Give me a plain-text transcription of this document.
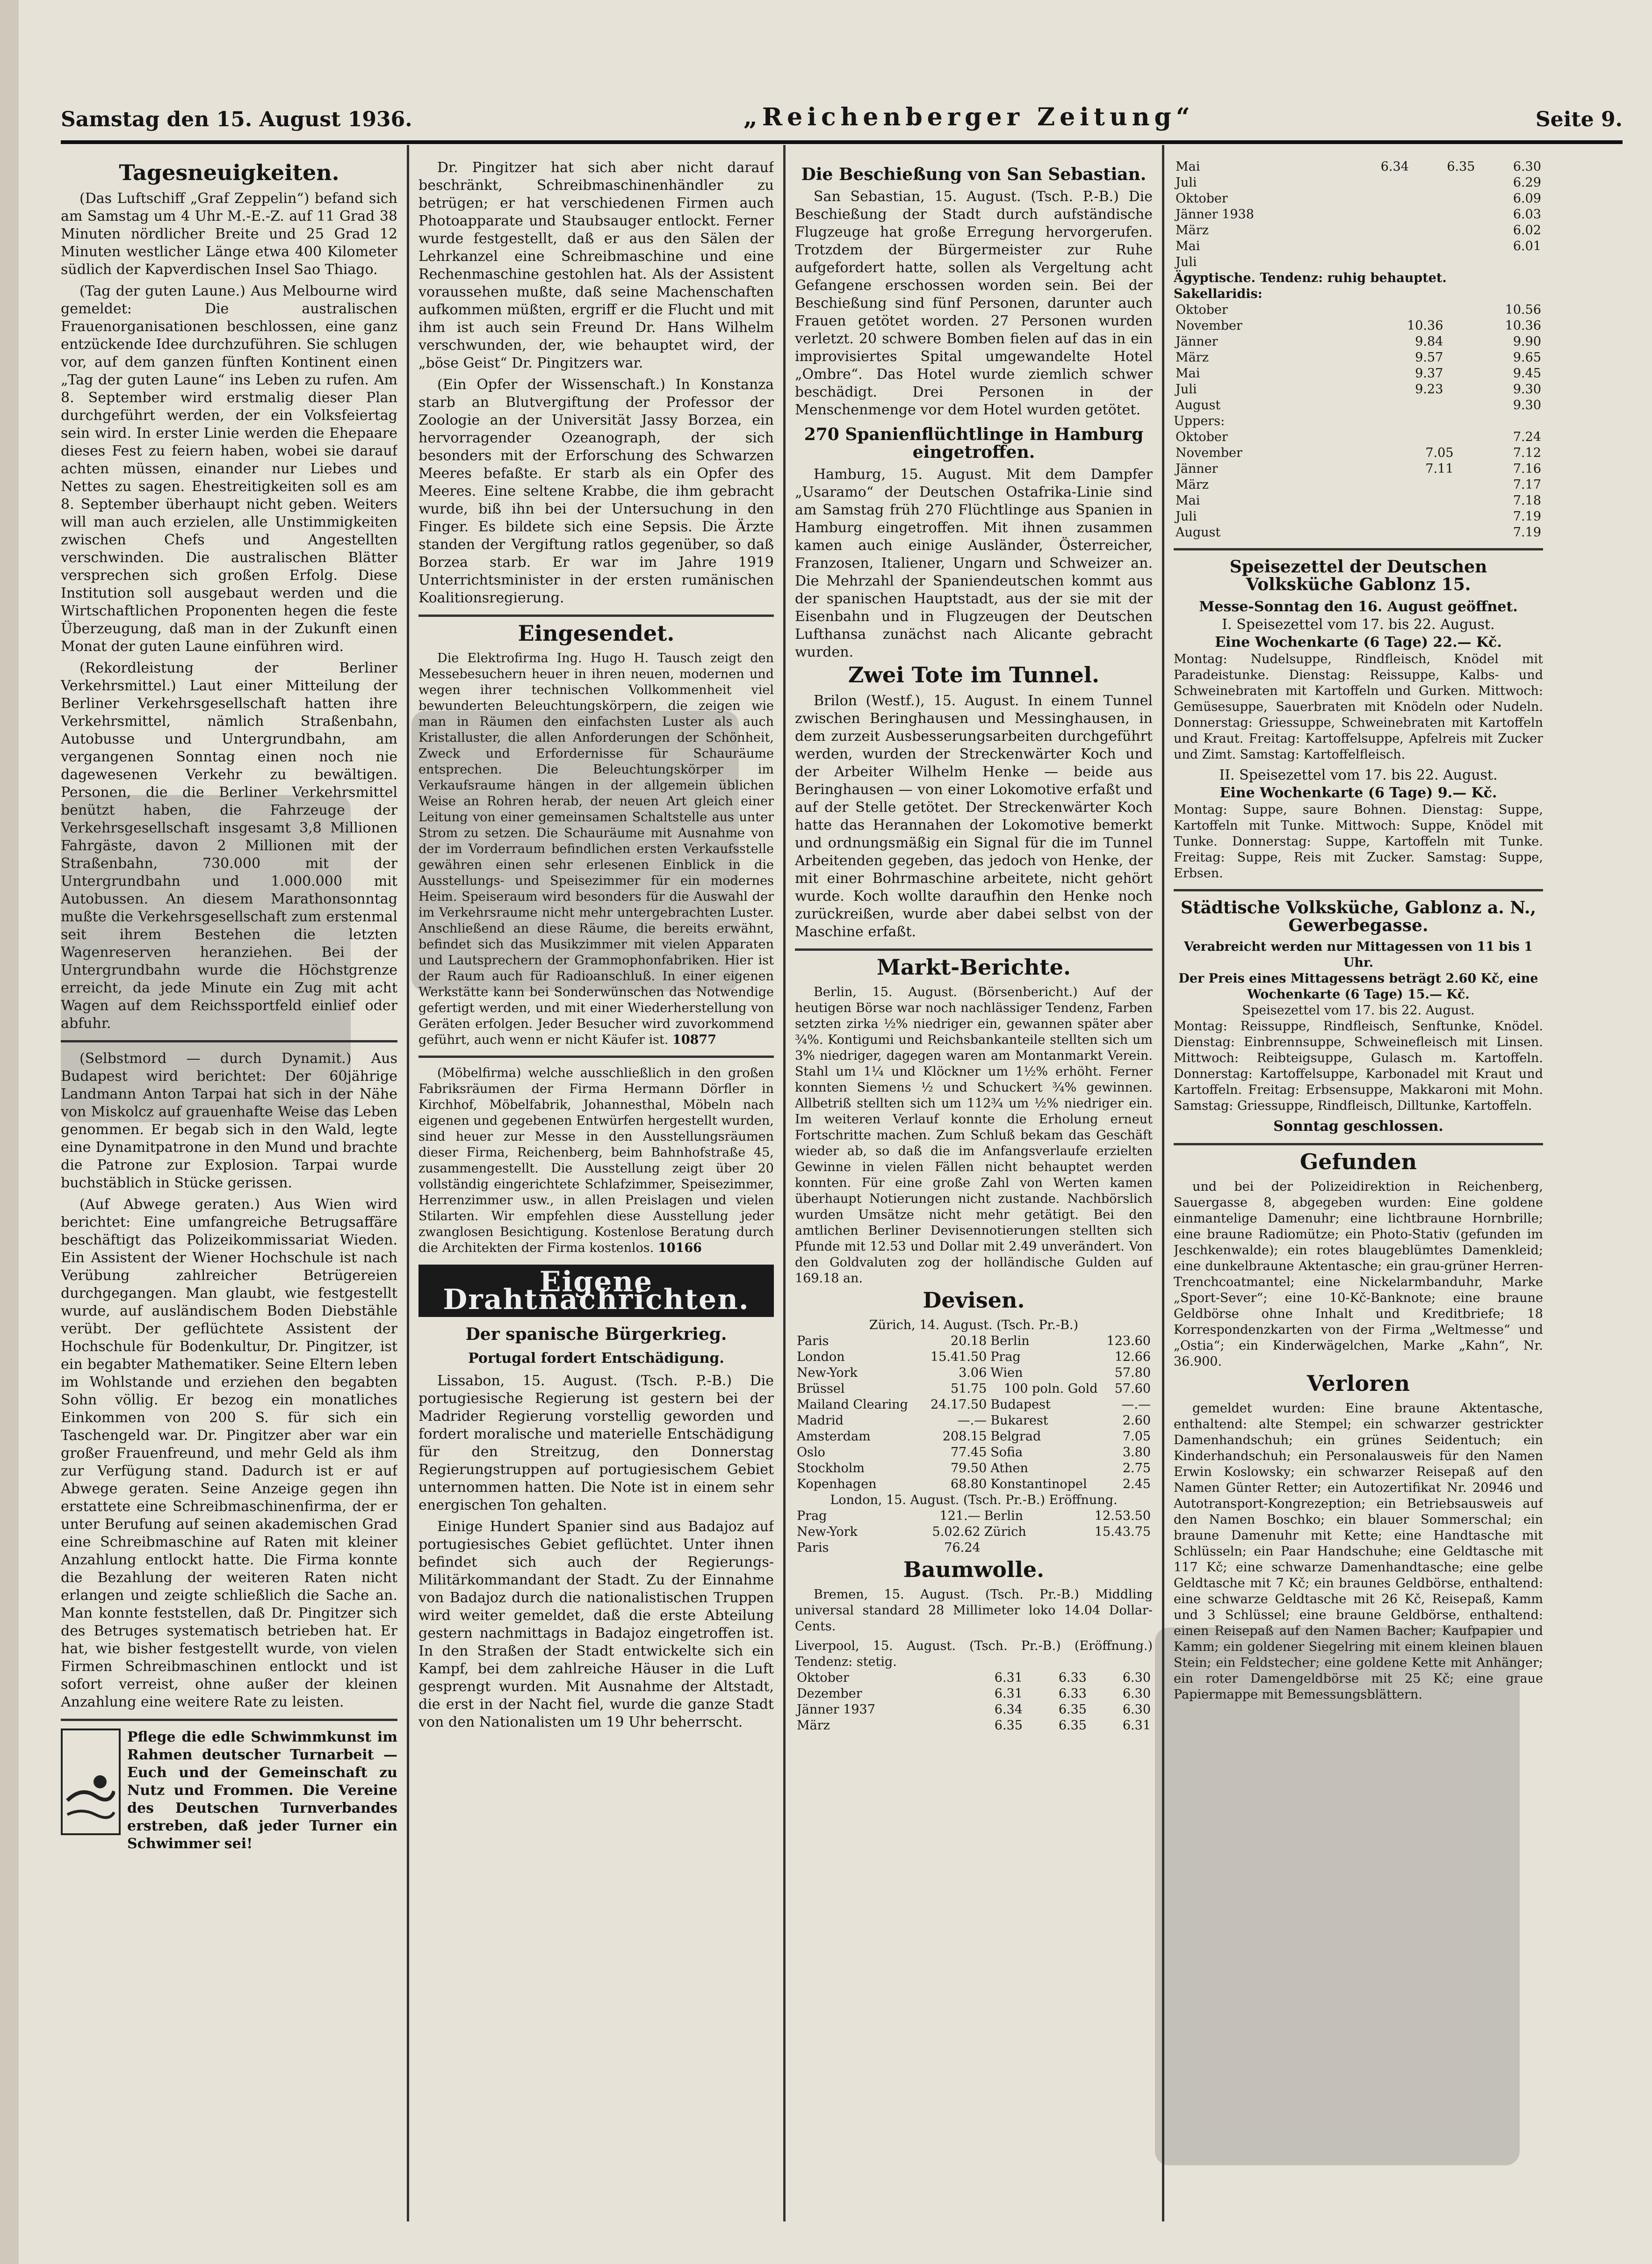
Samstag den 15. August 1936.	„Reichenberger Zeitung“	Seite 9.
Tagesneuigkeiten.

(Das Luftschiff „Graf Zeppelin“) befand sich am Samstag um 4 Uhr M.-E.-Z. auf 11 Grad 38 Minuten nördlicher Breite und 25 Grad 12 Minuten westlicher Länge etwa 400 Kilometer südlich der Kapverdischen Insel Sao Thiago.

(Tag der guten Laune.) Aus Melbourne wird gemeldet: Die australischen Frauenorganisationen beschlossen, eine ganz entzückende Idee durchzuführen. Sie schlugen vor, auf dem ganzen fünften Kontinent einen „Tag der guten Laune“ ins Leben zu rufen. Am 8. September wird erstmalig dieser Plan durchgeführt werden, der ein Volksfeiertag sein wird. In erster Linie werden die Ehepaare dieses Fest zu feiern haben, wobei sie darauf achten müssen, einander nur Liebes und Nettes zu sagen. Ehestreitigkeiten soll es am 8. September überhaupt nicht geben. Weiters will man auch erzielen, alle Unstimmigkeiten zwischen Chefs und Angestellten verschwinden. Die australischen Blätter versprechen sich großen Erfolg. Diese Institution soll ausgebaut werden und die Wirtschaftlichen Proponenten hegen die feste Überzeugung, daß man in der Zukunft einen Monat der guten Laune einführen wird.

(Rekordleistung der Berliner Verkehrsmittel.) Laut einer Mitteilung der Berliner Verkehrsgesellschaft hatten ihre Verkehrsmittel, nämlich Straßenbahn, Autobusse und Untergrundbahn, am vergangenen Sonntag einen noch nie dagewesenen Verkehr zu bewältigen. Personen, die die Berliner Verkehrsmittel benützt haben, die Fahrzeuge der Verkehrsgesellschaft insgesamt 3,8 Millionen Fahrgäste, davon 2 Millionen mit der Straßenbahn, 730.000 mit der Untergrundbahn und 1.000.000 mit Autobussen. An diesem Marathonsonntag mußte die Verkehrsgesellschaft zum erstenmal seit ihrem Bestehen die letzten Wagenreserven heranziehen. Bei der Untergrundbahn wurde die Höchstgrenze erreicht, da jede Minute ein Zug mit acht Wagen auf dem Reichssportfeld einlief oder abfuhr.

(Selbstmord — durch Dynamit.) Aus Budapest wird berichtet: Der 60jährige Landmann Anton Tarpai hat sich in der Nähe von Miskolcz auf grauenhafte Weise das Leben genommen. Er begab sich in den Wald, legte eine Dynamitpatrone in den Mund und brachte die Patrone zur Explosion. Tarpai wurde buchstäblich in Stücke gerissen.

(Auf Abwege geraten.) Aus Wien wird berichtet: Eine umfangreiche Betrugsaffäre beschäftigt das Polizeikommissariat Wieden. Ein Assistent der Wiener Hochschule ist nach Verübung zahlreicher Betrügereien durchgegangen. Man glaubt, wie festgestellt wurde, auf ausländischem Boden Diebstähle verübt. Der geflüchtete Assistent der Hochschule für Bodenkultur, Dr. Pingitzer, ist ein begabter Mathematiker. Seine Eltern leben im Wohlstande und erziehen den begabten Sohn völlig. Er bezog ein monatliches Einkommen von 200 S. für sich ein Taschengeld war. Dr. Pingitzer aber war ein großer Frauenfreund, und mehr Geld als ihm zur Verfügung stand. Dadurch ist er auf Abwege geraten. Seine Anzeige gegen ihn erstattete eine Schreibmaschinenfirma, der er unter Berufung auf seinen akademischen Grad eine Schreibmaschine auf Raten mit kleiner Anzahlung entlockt hatte. Die Firma konnte die Bezahlung der weiteren Raten nicht erlangen und zeigte schließlich die Sache an. Man konnte feststellen, daß Dr. Pingitzer sich des Betruges systematisch betrieben hat. Er hat, wie bisher festgestellt wurde, von vielen Firmen Schreibmaschinen entlockt und ist sofort verreist, ohne außer der kleinen Anzahlung eine weitere Rate zu leisten.

Pflege die edle Schwimmkunst im Rahmen deutscher Turnarbeit — Euch und der Gemeinschaft zu Nutz und Frommen. Die Vereine des Deutschen Turnverbandes erstreben, daß jeder Turner ein Schwimmer sei!

Dr. Pingitzer hat sich aber nicht darauf beschränkt, Schreibmaschinenhändler zu betrügen; er hat verschiedenen Firmen auch Photoapparate und Staubsauger entlockt. Ferner wurde festgestellt, daß er aus den Sälen der Lehrkanzel eine Schreibmaschine und eine Rechenmaschine gestohlen hat. Als der Assistent voraussehen mußte, daß seine Machenschaften aufkommen müßten, ergriff er die Flucht und mit ihm ist auch sein Freund Dr. Hans Wilhelm verschwunden, der, wie behauptet wird, der „böse Geist“ Dr. Pingitzers war.

(Ein Opfer der Wissenschaft.) In Konstanza starb an Blutvergiftung der Professor der Zoologie an der Universität Jassy Borzea, ein hervorragender Ozeanograph, der sich besonders mit der Erforschung des Schwarzen Meeres befaßte. Er starb als ein Opfer des Meeres. Eine seltene Krabbe, die ihm gebracht wurde, biß ihn bei der Untersuchung in den Finger. Es bildete sich eine Sepsis. Die Ärzte standen der Vergiftung ratlos gegenüber, so daß Borzea starb. Er war im Jahre 1919 Unterrichtsminister in der ersten rumänischen Koalitionsregierung.

Eingesendet.

Die Elektrofirma Ing. Hugo H. Tausch zeigt den Messebesuchern heuer in ihren neuen, modernen und wegen ihrer technischen Vollkommenheit viel bewunderten Beleuchtungskörpern, die zeigen wie man in Räumen den einfachsten Luster als auch Kristalluster, die allen Anforderungen der Schönheit, Zweck und Erfordernisse für Schauräume entsprechen. Die Beleuchtungskörper im Verkaufsraume hängen in der allgemein üblichen Weise an Rohren herab, der neuen Art gleich einer Leitung von einer gemeinsamen Schaltstelle aus unter Strom zu setzen. Die Schauräume mit Ausnahme von der im Vorderraum befindlichen ersten Verkaufsstelle gewähren einen sehr erlesenen Einblick in die Ausstellungs- und Speisezimmer für ein modernes Heim. Speiseraum wird besonders für die Auswahl der im Verkehrsraume nicht mehr untergebrachten Luster. Anschließend an diese Räume, die bereits erwähnt, befindet sich das Musikzimmer mit vielen Apparaten und Lautsprechern der Grammophonfabriken. Hier ist der Raum auch für Radioanschluß. In einer eigenen Werkstätte kann bei Sonderwünschen das Notwendige gefertigt werden, und mit einer Wiederherstellung von Geräten erfolgen. Jeder Besucher wird zuvorkommend geführt, auch wenn er nicht Käufer ist. 10877

(Möbelfirma) welche ausschließlich in den großen Fabriksräumen der Firma Hermann Dörfler in Kirchhof, Möbelfabrik, Johannesthal, Möbeln nach eigenen und gegebenen Entwürfen hergestellt wurden, sind heuer zur Messe in den Ausstellungsräumen dieser Firma, Reichenberg, beim Bahnhofstraße 45, zusammengestellt. Die Ausstellung zeigt über 20 vollständig eingerichtete Schlafzimmer, Speisezimmer, Herrenzimmer usw., in allen Preislagen und vielen Stilarten. Wir empfehlen diese Ausstellung jeder zwanglosen Besichtigung. Kostenlose Beratung durch die Architekten der Firma kostenlos. 10166

Eigene Drahtnachrichten.
Der spanische Bürgerkrieg.
Portugal fordert Entschädigung.

Lissabon, 15. August. (Tsch. P.-B.) Die portugiesische Regierung ist gestern bei der Madrider Regierung vorstellig geworden und fordert moralische und materielle Entschädigung für den Streitzug, den Donnerstag Regierungstruppen auf portugiesischem Gebiet unternommen hatten. Die Note ist in einem sehr energischen Ton gehalten.

Einige Hundert Spanier sind aus Badajoz auf portugiesisches Gebiet geflüchtet. Unter ihnen befindet sich auch der Regierungs-Militärkommandant der Stadt. Zu der Einnahme von Badajoz durch die nationalistischen Truppen wird weiter gemeldet, daß die erste Abteilung gestern nachmittags in Badajoz eingetroffen ist. In den Straßen der Stadt entwickelte sich ein Kampf, bei dem zahlreiche Häuser in die Luft gesprengt wurden. Mit Ausnahme der Altstadt, die erst in der Nacht fiel, wurde die ganze Stadt von den Nationalisten um 19 Uhr beherrscht.

Die Beschießung von San Sebastian.

San Sebastian, 15. August. (Tsch. P.-B.) Die Beschießung der Stadt durch aufständische Flugzeuge hat große Erregung hervorgerufen. Trotzdem der Bürgermeister zur Ruhe aufgefordert hatte, sollen als Vergeltung acht Gefangene erschossen worden sein. Bei der Beschießung sind fünf Personen, darunter auch Frauen getötet worden. 27 Personen wurden verletzt. 20 schwere Bomben fielen auf das in ein improvisiertes Spital umgewandelte Hotel „Ombre“. Das Hotel wurde ziemlich schwer beschädigt. Drei Personen in der Menschenmenge vor dem Hotel wurden getötet.

270 Spanienflüchtlinge in Hamburg eingetroffen.

Hamburg, 15. August. Mit dem Dampfer „Usaramo“ der Deutschen Ostafrika-Linie sind am Samstag früh 270 Flüchtlinge aus Spanien in Hamburg eingetroffen. Mit ihnen zusammen kamen auch einige Ausländer, Österreicher, Franzosen, Italiener, Ungarn und Schweizer an. Die Mehrzahl der Spaniendeutschen kommt aus der spanischen Hauptstadt, aus der sie mit der Eisenbahn und in Flugzeugen der Deutschen Lufthansa zunächst nach Alicante gebracht wurden.

Zwei Tote im Tunnel.

Brilon (Westf.), 15. August. In einem Tunnel zwischen Beringhausen und Messinghausen, in dem zurzeit Ausbesserungsarbeiten durchgeführt werden, wurden der Streckenwärter Koch und der Arbeiter Wilhelm Henke — beide aus Beringhausen — von einer Lokomotive erfaßt und auf der Stelle getötet. Der Streckenwärter Koch hatte das Herannahen der Lokomotive bemerkt und ordnungsmäßig ein Signal für die im Tunnel Arbeitenden gegeben, das jedoch von Henke, der mit einer Bohrmaschine arbeitete, nicht gehört wurde. Koch wollte daraufhin den Henke noch zurückreißen, wurde aber dabei selbst von der Maschine erfaßt.

Markt-Berichte.

Berlin, 15. August. (Börsenbericht.) Auf der heutigen Börse war noch nachlässiger Tendenz, Farben setzten zirka ½% niedriger ein, gewannen später aber ¾%. Kontigumi und Reichsbankanteile stellten sich um 3% niedriger, dagegen waren am Montanmarkt Verein. Stahl um 1¼ und Klöckner um 1½% erhöht. Ferner konnten Siemens ½ und Schuckert ¾% gewinnen. Allbetriß stellten sich um 112¾ um ½% niedriger ein. Im weiteren Verlauf konnte die Erholung erneut Fortschritte machen. Zum Schluß bekam das Geschäft wieder ab, so daß die im Anfangsverlaufe erzielten Gewinne in vielen Fällen nicht behauptet werden konnten. Für eine große Zahl von Werten kamen überhaupt Notierungen nicht zustande. Nachbörslich wurden Umsätze nicht mehr getätigt. Bei den amtlichen Berliner Devisennotierungen stellten sich Pfunde mit 12.53 und Dollar mit 2.49 unverändert. Von den Goldvaluten zog der holländische Gulden auf 169.18 an.

Devisen.
Zürich, 14. August. (Tsch. Pr.-B.)
Paris	20.18	Berlin	123.60
London	15.41.50	Prag	12.66
New-York	3.06	Wien	57.80
Brüssel	51.75	100 poln. Gold	57.60
Mailand Clearing	24.17.50	Budapest	—.—
Madrid	—.—	Bukarest	2.60
Amsterdam	208.15	Belgrad	7.05
Oslo	77.45	Sofia	3.80
Stockholm	79.50	Athen	2.75
Kopenhagen	68.80	Konstantinopel	2.45
London, 15. August. (Tsch. Pr.-B.) Eröffnung.
Prag	121.—	Berlin	12.53.50
New-York	5.02.62	Zürich	15.43.75
Paris	76.24		
Baumwolle.

Bremen, 15. August. (Tsch. Pr.-B.) Middling universal standard 28 Millimeter loko 14.04 Dollar-Cents.

Liverpool, 15. August. (Tsch. Pr.-B.) (Eröffnung.) Tendenz: stetig.
Oktober	6.31	6.33	6.30
Dezember	6.31	6.33	6.30
Jänner 1937	6.34	6.35	6.30
März	6.35	6.35	6.31
Mai	6.34	6.35	6.30
Juli			6.29
Oktober			6.09
Jänner 1938			6.03
März			6.02
Mai			6.01
Juli			
Ägyptische. Tendenz: ruhig behauptet.
Sakellaridis:
Oktober		10.56
November	10.36	10.36
Jänner	9.84	9.90
März	9.57	9.65
Mai	9.37	9.45
Juli	9.23	9.30
August		9.30
Uppers:
Oktober		7.24
November	7.05	7.12
Jänner	7.11	7.16
März		7.17
Mai		7.18
Juli		7.19
August		7.19
Speisezettel der Deutschen Volksküche Gablonz 15.
Messe-Sonntag den 16. August geöffnet.
I. Speisezettel vom 17. bis 22. August.
Eine Wochenkarte (6 Tage) 22.— Kč.

Montag: Nudelsuppe, Rindfleisch, Knödel mit Paradeistunke. Dienstag: Reissuppe, Kalbs- und Schweinebraten mit Kartoffeln und Gurken. Mittwoch: Gemüsesuppe, Sauerbraten mit Knödeln oder Nudeln. Donnerstag: Griessuppe, Schweinebraten mit Kartoffeln und Kraut. Freitag: Kartoffelsuppe, Apfelreis mit Zucker und Zimt. Samstag: Kartoffelfleisch.

II. Speisezettel vom 17. bis 22. August.
Eine Wochenkarte (6 Tage) 9.— Kč.

Montag: Suppe, saure Bohnen. Dienstag: Suppe, Kartoffeln mit Tunke. Mittwoch: Suppe, Knödel mit Tunke. Donnerstag: Suppe, Kartoffeln mit Tunke. Freitag: Suppe, Reis mit Zucker. Samstag: Suppe, Erbsen.

Städtische Volksküche, Gablonz a. N., Gewerbegasse.
Verabreicht werden nur Mittagessen von 11 bis 1 Uhr.
Der Preis eines Mittagessens beträgt 2.60 Kč, eine Wochenkarte (6 Tage) 15.— Kč.
Speisezettel vom 17. bis 22. August.

Montag: Reissuppe, Rindfleisch, Senftunke, Knödel. Dienstag: Einbrennsuppe, Schweinefleisch mit Linsen. Mittwoch: Reibteigsuppe, Gulasch m. Kartoffeln. Donnerstag: Kartoffelsuppe, Karbonadel mit Kraut und Kartoffeln. Freitag: Erbsensuppe, Makkaroni mit Mohn. Samstag: Griessuppe, Rindfleisch, Dilltunke, Kartoffeln.

Sonntag geschlossen.
Gefunden

und bei der Polizeidirektion in Reichenberg, Sauergasse 8, abgegeben wurden: Eine goldene einmantelige Damenuhr; eine lichtbraune Hornbrille; eine braune Radiomütze; ein Photo-Stativ (gefunden im Jeschkenwalde); ein rotes blaugeblümtes Damenkleid; eine dunkelbraune Aktentasche; ein grau-grüner Herren-Trenchcoatmantel; eine Nickelarmbanduhr, Marke „Sport-Sever“; eine 10-Kč-Banknote; eine braune Geldbörse ohne Inhalt und Kreditbriefe; 18 Korrespondenzkarten von der Firma „Weltmesse“ und „Ostia“; ein Kinderwägelchen, Marke „Kahn“, Nr. 36.900.

Verloren

gemeldet wurden: Eine braune Aktentasche, enthaltend: alte Stempel; ein schwarzer gestrickter Damenhandschuh; ein grünes Seidentuch; ein Kinderhandschuh; ein Personalausweis für den Namen Erwin Koslowsky; ein schwarzer Reisepaß auf den Namen Günter Retter; ein Autozertifikat Nr. 20946 und Autotransport-Kongrezeption; ein Betriebsausweis auf den Namen Boschko; ein blauer Sommerschal; ein braune Damenuhr mit Kette; eine Handtasche mit Schlüsseln; ein Paar Handschuhe; eine Geldtasche mit 117 Kč; eine schwarze Damenhandtasche; eine gelbe Geldtasche mit 7 Kč; ein braunes Geldbörse, enthaltend: eine schwarze Geldtasche mit 26 Kč, Reisepaß, Kamm und 3 Schlüssel; eine braune Geldbörse, enthaltend: einen Reisepaß auf den Namen Bacher; Kaufpapier und Kamm; ein goldener Siegelring mit einem kleinen blauen Stein; ein Feldstecher; eine goldene Kette mit Anhänger; ein roter Damengeldbörse mit 25 Kč; eine graue Papiermappe mit Bemessungsblättern.
